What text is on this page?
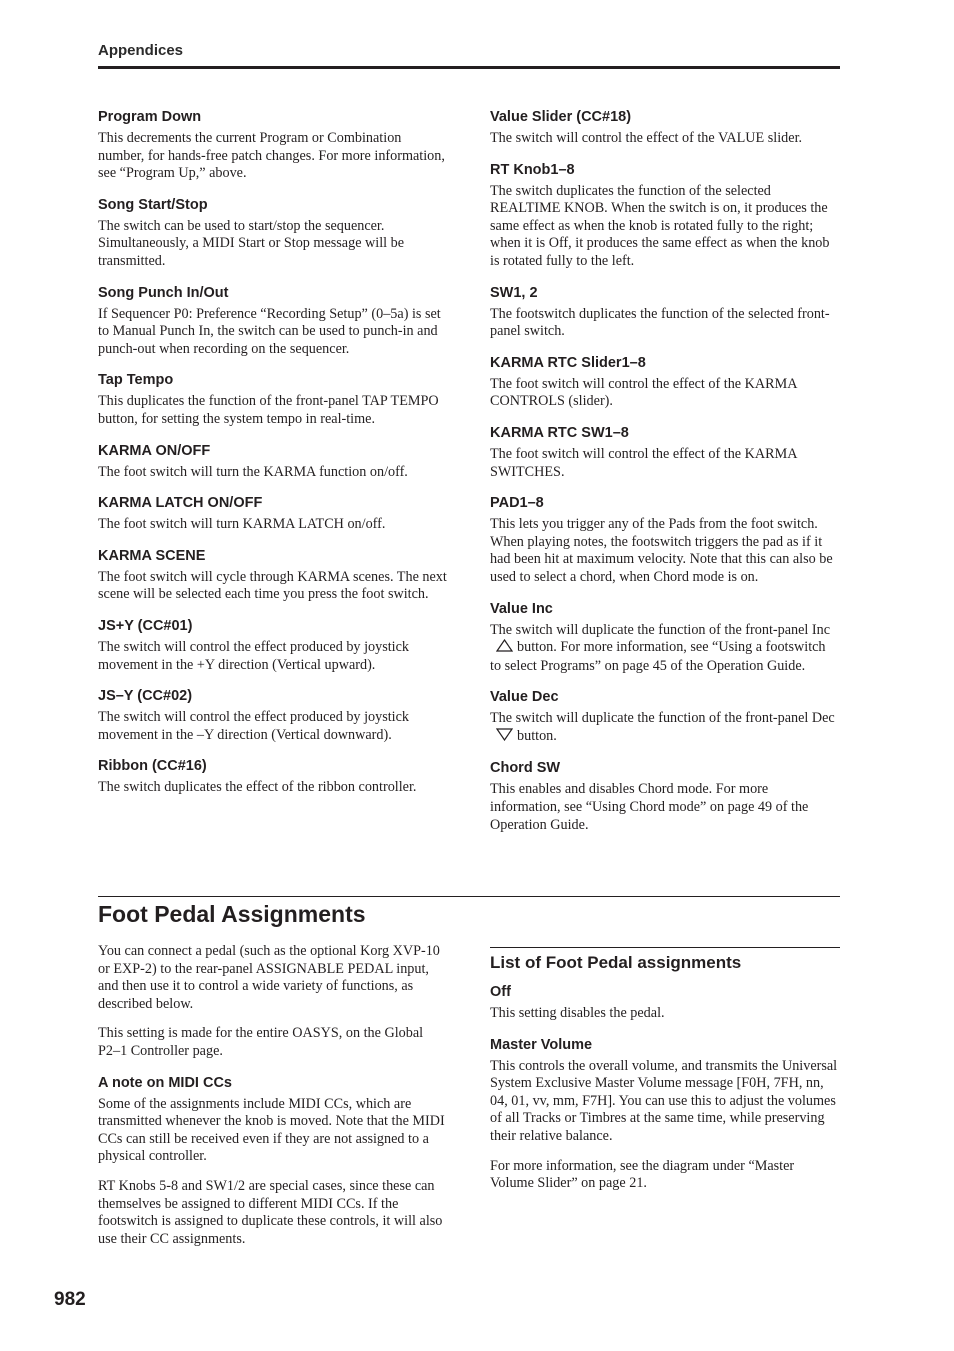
Appendices
Program Down

This decrements the current Program or Combination number, for hands-free patch changes. For more information, see “Program Up,” above.

Song Start/Stop

The switch can be used to start/stop the sequencer. Simultaneously, a MIDI Start or Stop message will be transmitted.

Song Punch In/Out

If Sequencer P0: Preference “Recording Setup” (0–5a) is set to Manual Punch In, the switch can be used to punch-in and punch-out when recording on the sequencer.

Tap Tempo

This duplicates the function of the front-panel TAP TEMPO button, for setting the system tempo in real-time.

KARMA ON/OFF

The foot switch will turn the KARMA function on/off.

KARMA LATCH ON/OFF

The foot switch will turn KARMA LATCH on/off.

KARMA SCENE

The foot switch will cycle through KARMA scenes. The next scene will be selected each time you press the foot switch.

JS+Y (CC#01)

The switch will control the effect produced by joystick movement in the +Y direction (Vertical upward).

JS–Y (CC#02)

The switch will control the effect produced by joystick movement in the –Y direction (Vertical downward).

Ribbon (CC#16)

The switch duplicates the effect of the ribbon controller.

Value Slider (CC#18)

The switch will control the effect of the VALUE slider.

RT Knob1–8

The switch duplicates the function of the selected REALTIME KNOB. When the switch is on, it produces the same effect as when the knob is rotated fully to the right; when it is Off, it produces the same effect as when the knob is rotated fully to the left.

SW1, 2

The footswitch duplicates the function of the selected front-panel switch.

KARMA RTC Slider1–8

The foot switch will control the effect of the KARMA CONTROLS (slider).

KARMA RTC SW1–8

The foot switch will control the effect of the KARMA SWITCHES.

PAD1–8

This lets you trigger any of the Pads from the foot switch. When playing notes, the footswitch triggers the pad as if it had been hit at maximum velocity. Note that this can also be used to select a chord, when Chord mode is on.

Value Inc

The switch will duplicate the function of the front-panel Incbutton. For more information, see “Using a footswitch to select Programs” on page 45 of the Operation Guide.

Value Dec

The switch will duplicate the function of the front-panel Decbutton.

Chord SW

This enables and disables Chord mode. For more information, see “Using Chord mode” on page 49 of the Operation Guide.

Foot Pedal Assignments

You can connect a pedal (such as the optional Korg XVP-10 or EXP-2) to the rear-panel ASSIGNABLE PEDAL input, and then use it to control a wide variety of functions, as described below.

This setting is made for the entire OASYS, on the Global P2–1 Controller page.

A note on MIDI CCs

Some of the assignments include MIDI CCs, which are transmitted whenever the knob is moved. Note that the MIDI CCs can still be received even if they are not assigned to a physical controller.

RT Knobs 5-8 and SW1/2 are special cases, since these can themselves be assigned to different MIDI CCs. If the footswitch is assigned to duplicate these controls, it will also use their CC assignments.

List of Foot Pedal assignments
Off

This setting disables the pedal.

Master Volume

This controls the overall volume, and transmits the Universal System Exclusive Master Volume message [F0H, 7FH, nn, 04, 01, vv, mm, F7H]. You can use this to adjust the volumes of all Tracks or Timbres at the same time, while preserving their relative balance.

For more information, see the diagram under “Master Volume Slider” on page 21.

982
